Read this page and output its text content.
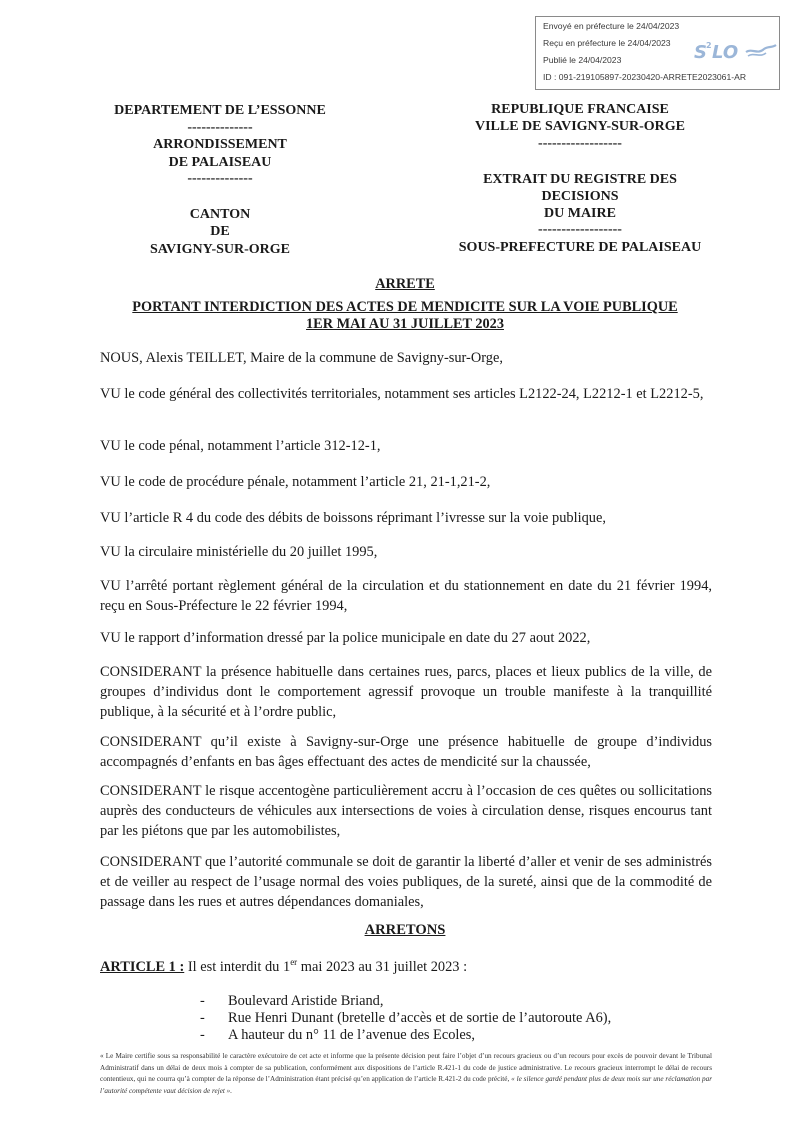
Envoyé en préfecture le 24/04/2023
Reçu en préfecture le 24/04/2023
Publié le 24/04/2023
ID : 091-219105897-20230420-ARRETE2023061-AR
S 2 LO
DEPARTEMENT DE L’ESSONNE
--------------
ARRONDISSEMENT
DE PALAISEAU
--------------
CANTON
DE
SAVIGNY-SUR-ORGE
REPUBLIQUE FRANCAISE
VILLE DE SAVIGNY-SUR-ORGE
------------------
EXTRAIT DU REGISTRE DES
DECISIONS
DU MAIRE
------------------
SOUS-PREFECTURE DE PALAISEAU
ARRETE
PORTANT INTERDICTION DES ACTES DE MENDICITE SUR LA VOIE PUBLIQUE
1ER MAI AU 31 JUILLET 2023
NOUS, Alexis TEILLET, Maire de la commune de Savigny-sur-Orge,
VU le code général des collectivités territoriales, notamment ses articles L2122-24, L2212-1 et L2212-5,
VU le code pénal, notamment l’article 312-12-1,
VU le code de procédure pénale, notamment l’article 21, 21-1,21-2,
VU l’article R 4 du code des débits de boissons réprimant l’ivresse sur la voie publique,
VU la circulaire ministérielle du 20 juillet 1995,
VU l’arrêté portant règlement général de la circulation et du stationnement en date du 21 février 1994, reçu en Sous-Préfecture le 22 février 1994,
VU le rapport d’information dressé par la police municipale en date du 27 aout 2022,
CONSIDERANT la présence habituelle dans certaines rues, parcs, places et lieux publics de la ville, de groupes d’individus dont le comportement agressif provoque un trouble manifeste à la tranquillité publique, à la sécurité et à l’ordre public,
CONSIDERANT qu’il existe à Savigny-sur-Orge une présence habituelle de groupe d’individus accompagnés d’enfants en bas âges effectuant des actes de mendicité sur la chaussée,
CONSIDERANT le risque accentogène particulièrement accru à l’occasion de ces quêtes ou sollicitations auprès des conducteurs de véhicules aux intersections de voies à circulation dense, risques encourus tant par les piétons que par les automobilistes,
CONSIDERANT que l’autorité communale se doit de garantir la liberté d’aller et venir de ses administrés et de veiller au respect de l’usage normal des voies publiques, de la sureté, ainsi que de la commodité de passage dans les rues et autres dépendances domaniales,
ARRETONS
ARTICLE 1 : Il est interdit du 1er mai 2023 au 31 juillet 2023 :
- Boulevard Aristide Briand,
- Rue Henri Dunant (bretelle d’accès et de sortie de l’autoroute A6),
- A hauteur du n° 11 de l’avenue des Ecoles,
« Le Maire certifie sous sa responsabilité le caractère exécutoire de cet acte et informe que la présente décision peut faire l’objet d’un recours gracieux ou d’un recours pour excès de pouvoir devant le Tribunal Administratif dans un délai de deux mois à compter de sa publication, conformément aux dispositions de l’article R.421-1 du code de justice administrative. Le recours gracieux interrompt le délai de recours contentieux, qui ne courra qu’à compter de la réponse de l’Administration étant précisé qu’en application de l’article R.421-2 du code précité, « le silence gardé pendant plus de deux mois sur une réclamation par l’autorité compétente vaut décision de rejet ».
